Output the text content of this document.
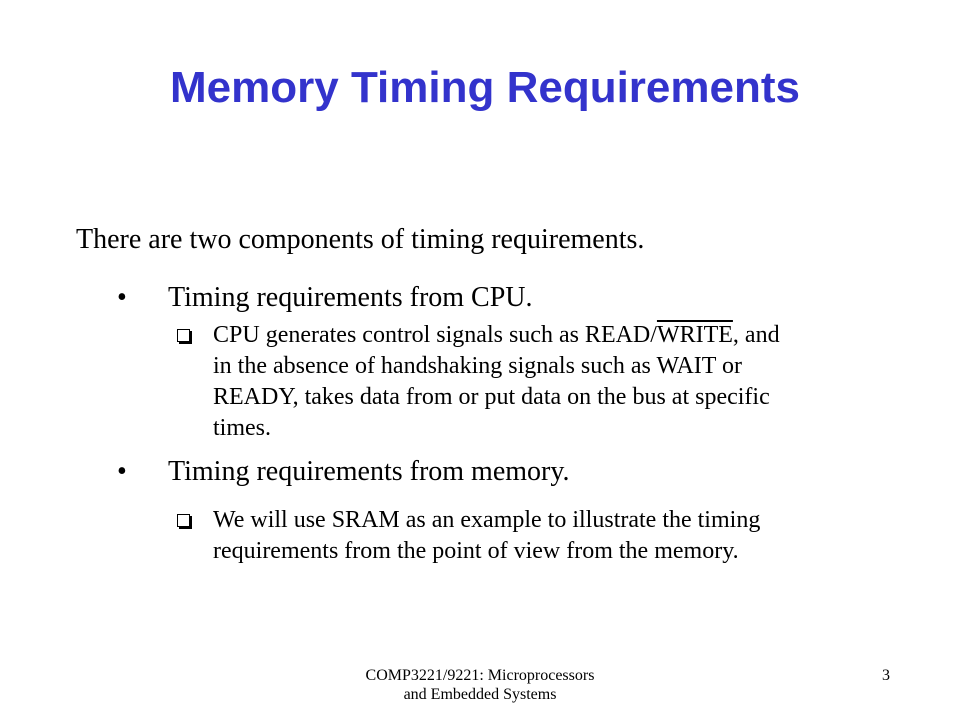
Memory Timing Requirements
There are two components of timing requirements.
• Timing requirements from CPU.
CPU generates control signals such as READ/WRITE, and
in the absence of handshaking signals such as WAIT or
READY, takes data from or put data on the bus at specific
times.
• Timing requirements from memory.
We will use SRAM as an example to illustrate the timing
requirements from the point of view from the memory.
COMP3221/9221: Microprocessors
and Embedded Systems
3
